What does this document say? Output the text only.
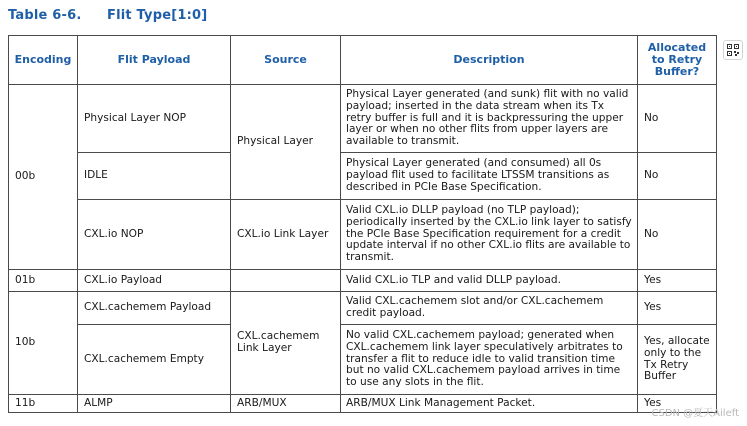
Table 6-6. Flit Type[1:0]
Encoding	Flit Payload	Source	Description	Allocated to Retry Buffer?
00b	Physical Layer NOP	Physical Layer	Physical Layer generated (and sunk) flit with no valid payload; inserted in the data stream when its Tx retry buffer is full and it is backpressuring the upper layer or when no other flits from upper layers are available to transmit.	No
	IDLE		Physical Layer generated (and consumed) all 0s payload flit used to facilitate LTSSM transitions as described in PCIe Base Specification.	No
	CXL.io NOP	CXL.io Link Layer	Valid CXL.io DLLP payload (no TLP payload); periodically inserted by the CXL.io link layer to satisfy the PCIe Base Specification requirement for a credit update interval if no other CXL.io flits are available to transmit.	No
01b	CXL.io Payload		Valid CXL.io TLP and valid DLLP payload.	Yes
10b	CXL.cachemem Payload	CXL.cachemem Link Layer	Valid CXL.cachemem slot and/or CXL.cachemem credit payload.	Yes
	CXL.cachemem Empty		No valid CXL.cachemem payload; generated when CXL.cachemem link layer speculatively arbitrates to transfer a flit to reduce idle to valid transition time but no valid CXL.cachemem payload arrives in time to use any slots in the flit.	Yes, allocate only to the Tx Retry Buffer
11b	ALMP	ARB/MUX	ARB/MUX Link Management Packet.	Yes
CSDN @夏天Aileft
